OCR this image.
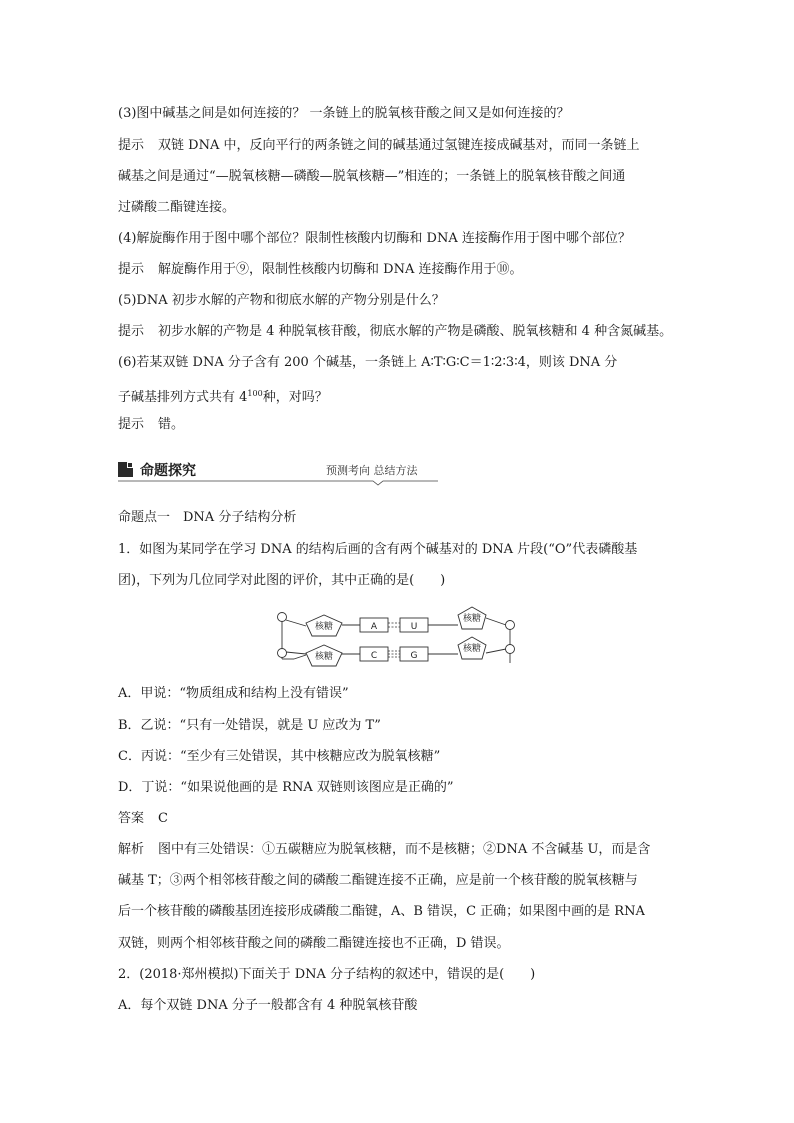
(3)图中碱基之间是如何连接的？ 一条链上的脱氧核苷酸之间又是如何连接的？
提示 双链 DNA 中，反向平行的两条链之间的碱基通过氢键连接成碱基对，而同一条链上
碱基之间是通过“—脱氧核糖—磷酸—脱氧核糖—”相连的；一条链上的脱氧核苷酸之间通
过磷酸二酯键连接。
(4)解旋酶作用于图中哪个部位？限制性核酸内切酶和 DNA 连接酶作用于图中哪个部位？
提示 解旋酶作用于⑨，限制性核酸内切酶和 DNA 连接酶作用于⑩。
(5)DNA 初步水解的产物和彻底水解的产物分别是什么？
提示 初步水解的产物是 4 种脱氧核苷酸，彻底水解的产物是磷酸、脱氧核糖和 4 种含氮碱基。
(6)若某双链 DNA 分子含有 200 个碱基，一条链上 A∶T∶G∶C＝1∶2∶3∶4，则该 DNA 分
子碱基排列方式共有 $4^{100}$种，对吗？
提示 错。
命题探究	预测考向 总结方法
命题点一　DNA 分子结构分析
1．如图为某同学在学习 DNA 的结构后画的含有两个碱基对的 DNA 片段(“O”代表磷酸基
团)，下列为几位同学对此图的评价，其中正确的是(　　)
核糖
核糖
核糖
核糖
A	U
C	G
A．甲说：“物质组成和结构上没有错误”
B．乙说：“只有一处错误，就是 U 应改为 T”
C．丙说：“至少有三处错误，其中核糖应改为脱氧核糖”
D．丁说：“如果说他画的是 RNA 双链则该图应是正确的”
答案 C
解析 图中有三处错误：①五碳糖应为脱氧核糖，而不是核糖；②DNA 不含碱基 U，而是含
碱基 T；③两个相邻核苷酸之间的磷酸二酯键连接不正确，应是前一个核苷酸的脱氧核糖与
后一个核苷酸的磷酸基团连接形成磷酸二酯键，A、B 错误，C 正确；如果图中画的是 RNA
双链，则两个相邻核苷酸之间的磷酸二酯键连接也不正确，D 错误。
2．(2018·郑州模拟)下面关于 DNA 分子结构的叙述中，错误的是(　　)
A．每个双链 DNA 分子一般都含有 4 种脱氧核苷酸
